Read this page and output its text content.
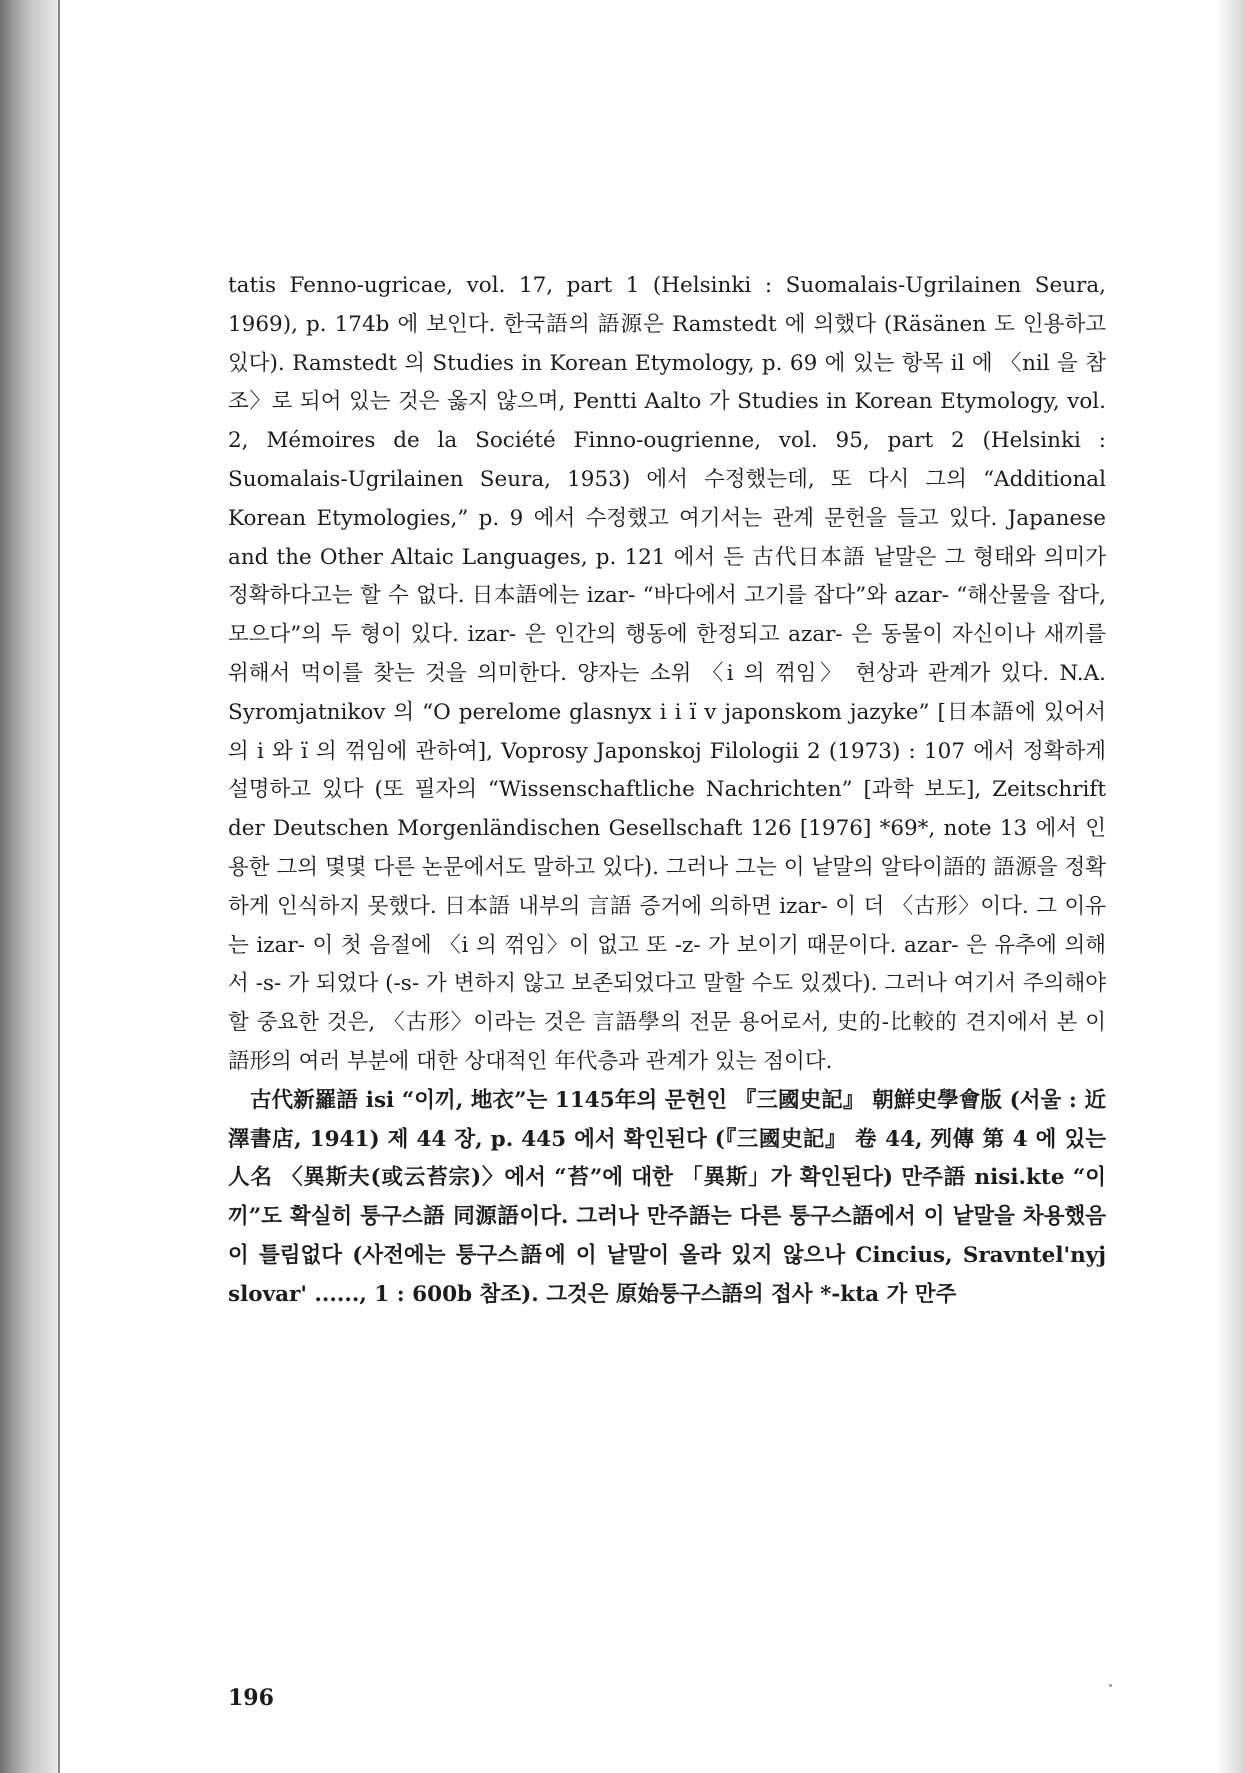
tatis Fenno-ugricae, vol. 17, part 1 (Helsinki : Suomalais-Ugrilainen Seura, 1969), p. 174b 에 보인다. 한국語의 語源은 Ramstedt 에 의했다 (Räsänen 도 인용하고 있다). Ramstedt 의 Studies in Korean Etymology, p. 69 에 있는 항목 il 에 〈nil 을 참조〉로 되어 있는 것은 옳지 않으며, Pentti Aalto 가 Studies in Korean Etymology, vol. 2, Mémoires de la Société Finno-ougrienne, vol. 95, part 2 (Helsinki : Suomalais-Ugrilainen Seura, 1953) 에서 수정했는데, 또 다시 그의 “Additional Korean Etymologies,” p. 9 에서 수정했고 여기서는 관계 문헌을 들고 있다. Japanese and the Other Altaic Languages, p. 121 에서 든 古代日本語 낱말은 그 형태와 의미가 정확하다고는 할 수 없다. 日本語에는 izar- “바다에서 고기를 잡다”와 azar- “해산물을 잡다, 모으다”의 두 형이 있다. izar- 은 인간의 행동에 한정되고 azar- 은 동물이 자신이나 새끼를 위해서 먹이를 찾는 것을 의미한다. 양자는 소위 〈i 의 꺾임〉 현상과 관계가 있다. N.A. Syromjatnikov 의 “O perelome glasnyx i i ï v japonskom jazyke” [日本語에 있어서의 i 와 ï 의 꺾임에 관하여], Voprosy Japonskoj Filologii 2 (1973) : 107 에서 정확하게 설명하고 있다 (또 필자의 “Wissenschaftliche Nachrichten” [과학 보도], Zeitschrift der Deutschen Morgenländischen Gesellschaft 126 [1976] *69*, note 13 에서 인용한 그의 몇몇 다른 논문에서도 말하고 있다). 그러나 그는 이 낱말의 알타이語的 語源을 정확하게 인식하지 못했다. 日本語 내부의 言語 증거에 의하면 izar- 이 더 〈古形〉이다. 그 이유는 izar- 이 첫 음절에 〈i 의 꺾임〉이 없고 또 -z- 가 보이기 때문이다. azar- 은 유추에 의해서 -s- 가 되었다 (-s- 가 변하지 않고 보존되었다고 말할 수도 있겠다). 그러나 여기서 주의해야 할 중요한 것은, 〈古形〉이라는 것은 言語學의 전문 용어로서, 史的-比較的 견지에서 본 이 語形의 여러 부분에 대한 상대적인 年代층과 관계가 있는 점이다.

古代新羅語 isi “이끼, 地衣”는 1145年의 문헌인 『三國史記』 朝鮮史學會版 (서울 : 近澤書店, 1941) 제 44 장, p. 445 에서 확인된다 (『三國史記』 卷 44, 列傳 第 4 에 있는 人名 〈異斯夫(或云苔宗)〉에서 “苔”에 대한 「異斯」가 확인된다) 만주語 nisi.kte “이끼”도 확실히 퉁구스語 同源語이다. 그러나 만주語는 다른 퉁구스語에서 이 낱말을 차용했음이 틀림없다 (사전에는 퉁구스語에 이 낱말이 올라 있지 않으나 Cincius, Sravntel'nyj slovar' ......, 1 : 600b 참조). 그것은 原始퉁구스語의 접사 *-kta 가 만주

196
